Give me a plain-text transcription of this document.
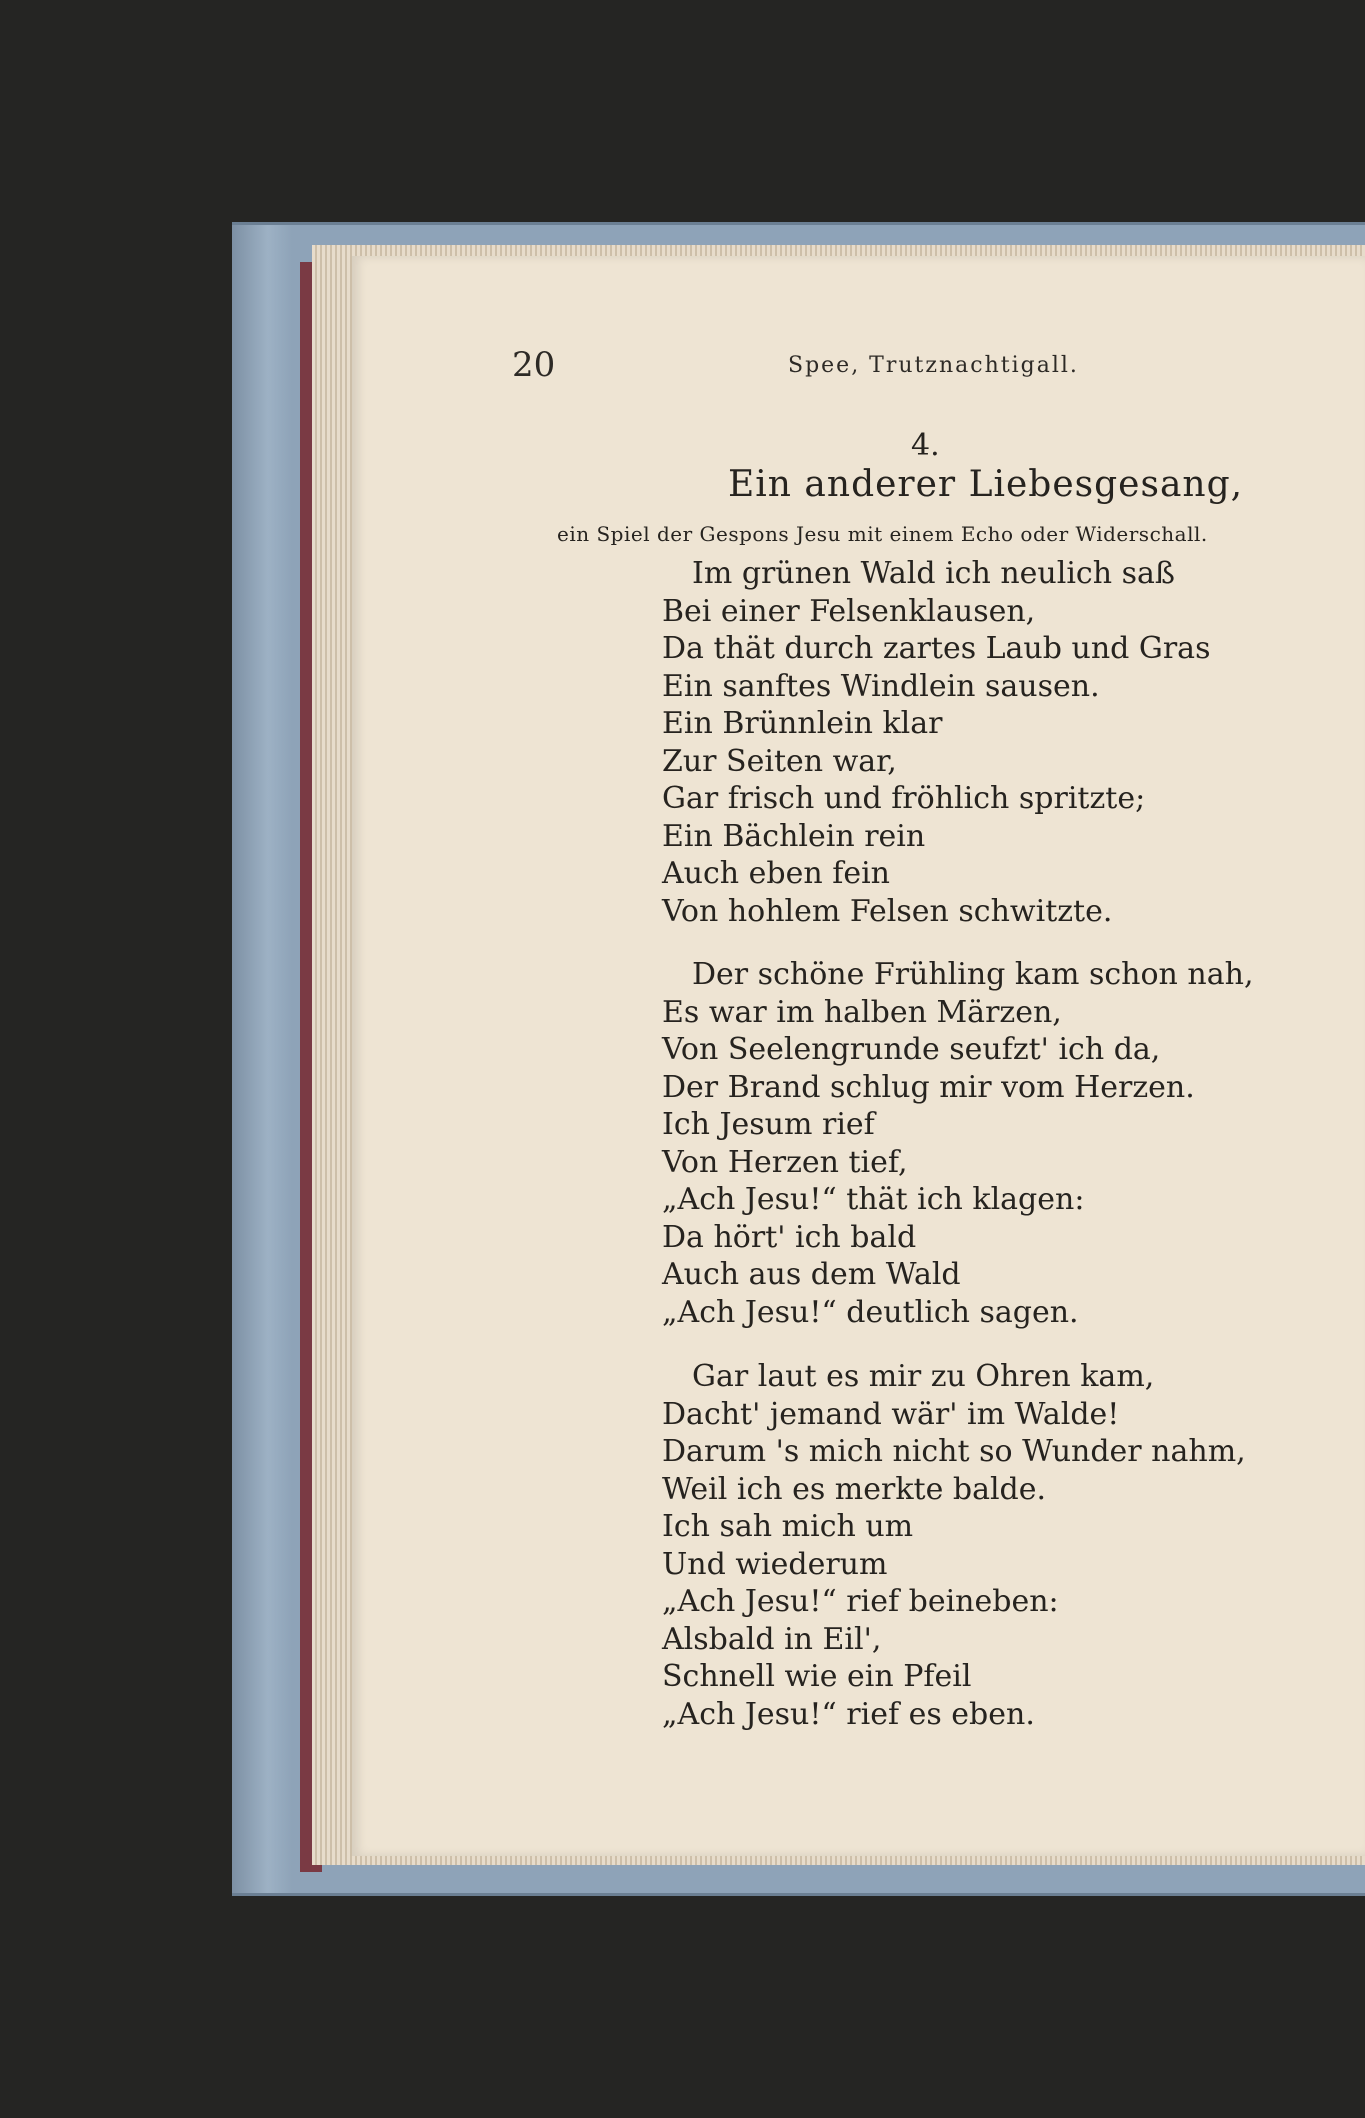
20	Spee, Trutznachtigall.
4.
Ein anderer Liebesgesang,
ein Spiel der Gespons Jesu mit einem Echo oder Widerschall.
Im grünen Wald ich neulich saß
Bei einer Felsenklausen,
Da thät durch zartes Laub und Gras
Ein sanftes Windlein sausen.
Ein Brünnlein klar
Zur Seiten war,
Gar frisch und fröhlich spritzte;
Ein Bächlein rein
Auch eben fein
Von hohlem Felsen schwitzte.
Der schöne Frühling kam schon nah,
Es war im halben Märzen,
Von Seelengrunde seufzt' ich da,
Der Brand schlug mir vom Herzen.
Ich Jesum rief
Von Herzen tief,
„Ach Jesu!“ thät ich klagen:
Da hört' ich bald
Auch aus dem Wald
„Ach Jesu!“ deutlich sagen.
Gar laut es mir zu Ohren kam,
Dacht' jemand wär' im Walde!
Darum 's mich nicht so Wunder nahm,
Weil ich es merkte balde.
Ich sah mich um
Und wiederum
„Ach Jesu!“ rief beineben:
Alsbald in Eil',
Schnell wie ein Pfeil
„Ach Jesu!“ rief es eben.
